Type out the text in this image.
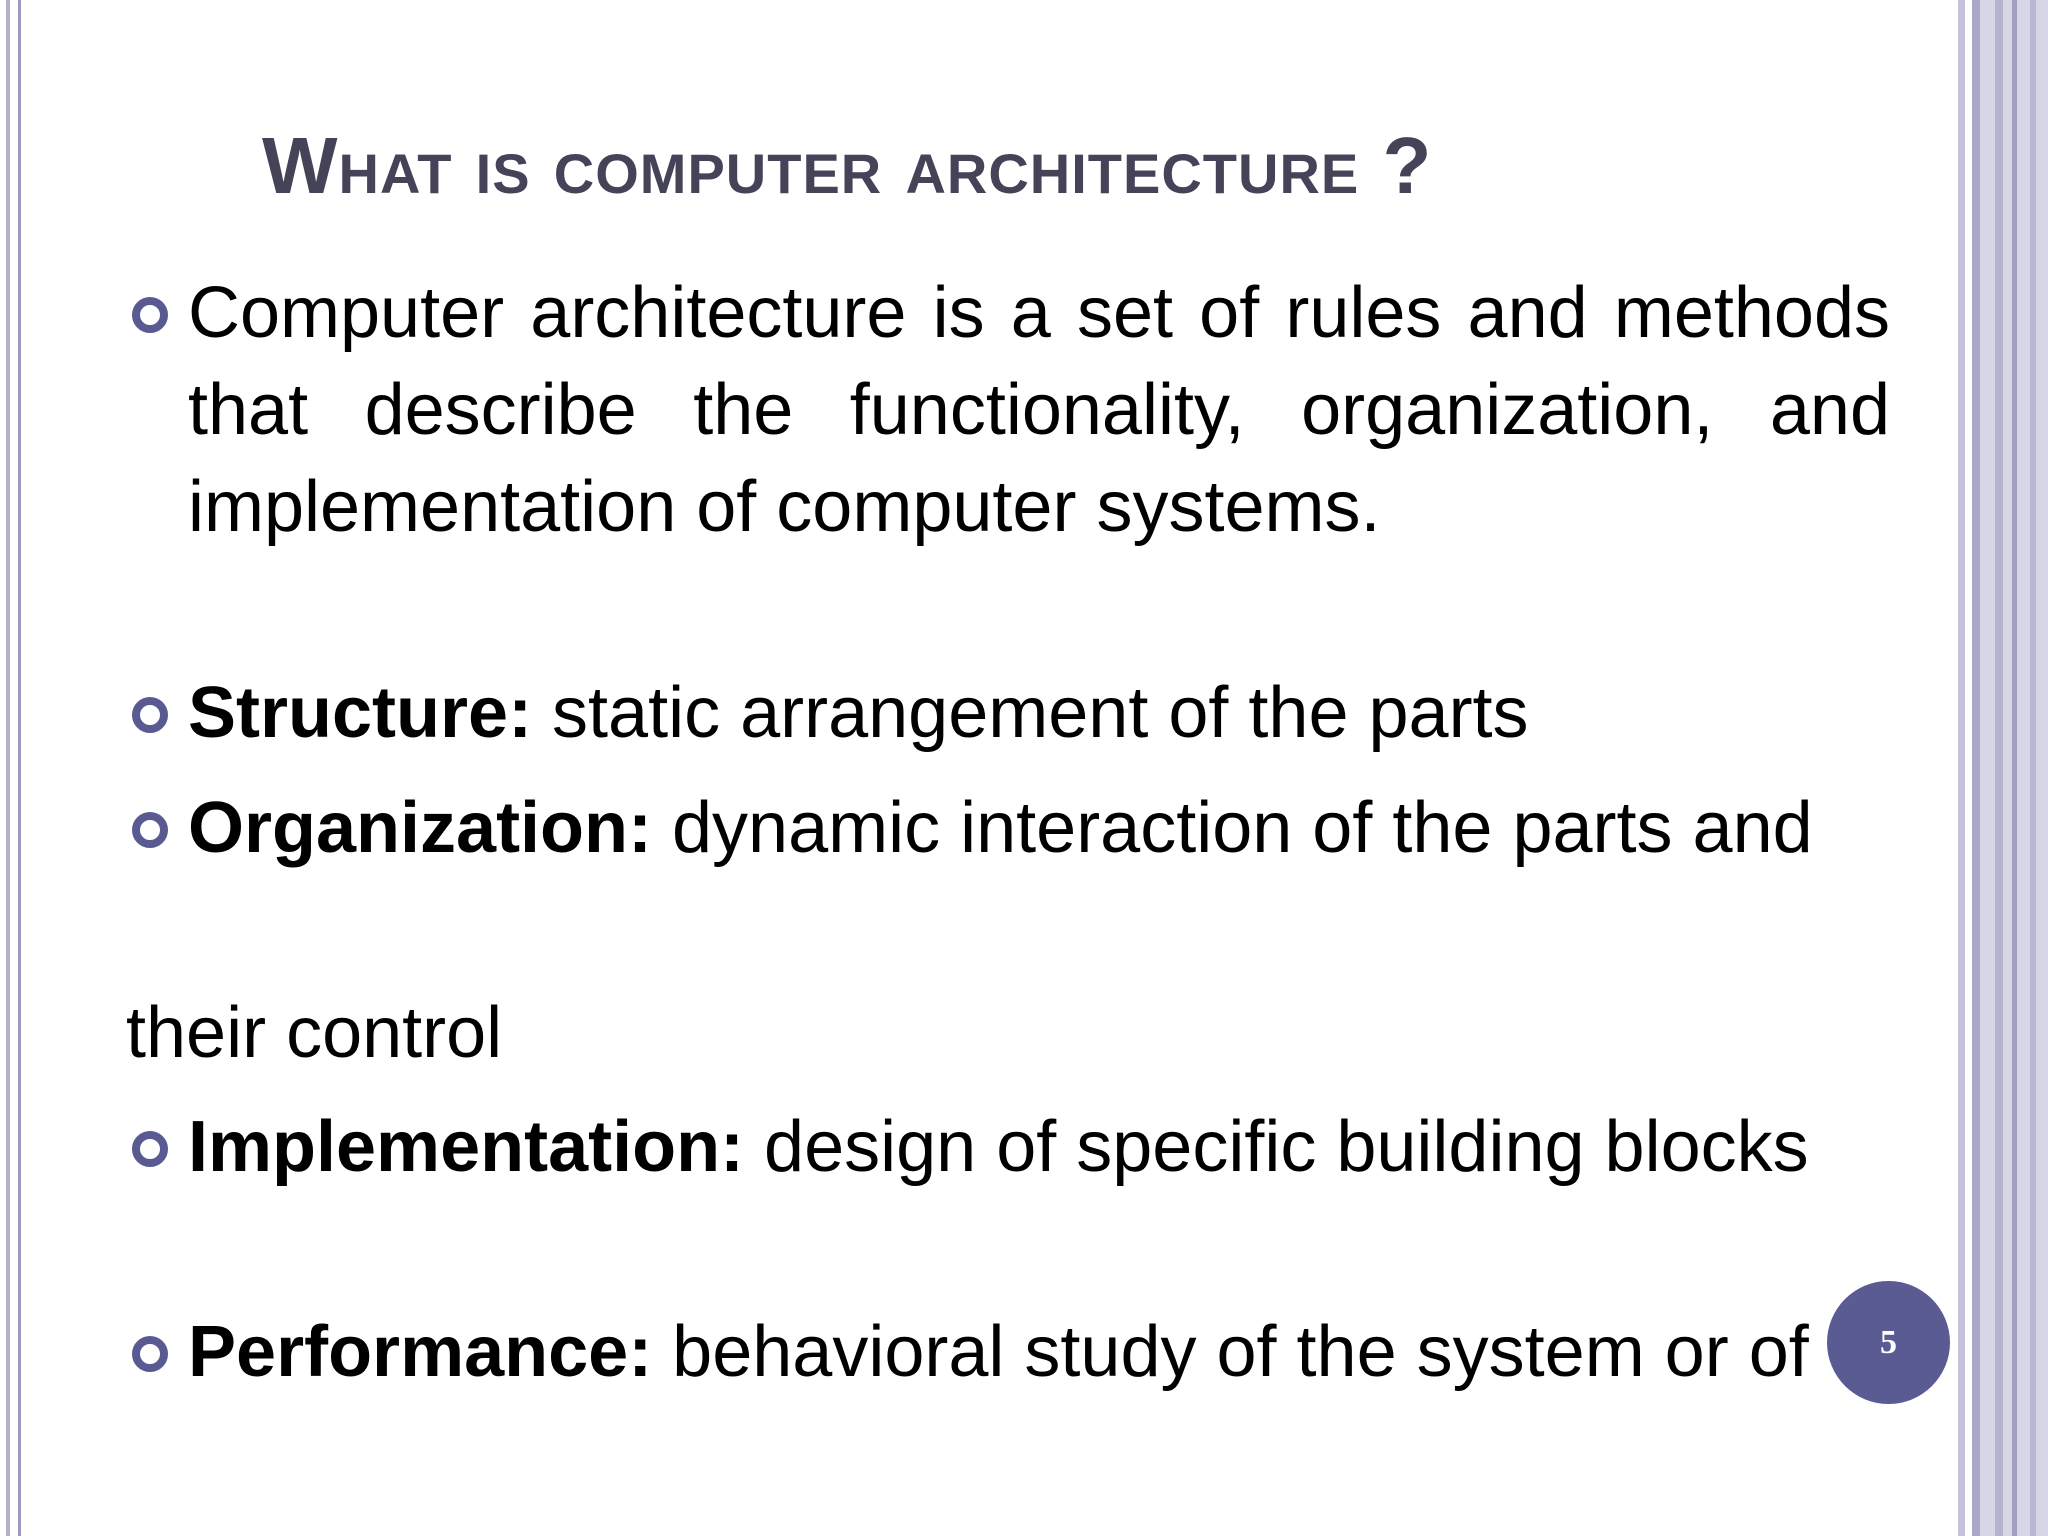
What is computer architecture ?
Computer architecture is a set of rules and methods that describe the functionality, organization, and implementation of computer systems.
Structure: static arrangement of the parts
Organization: dynamic interaction of the parts and
their control
Implementation: design of specific building blocks
Performance: behavioral study of the system or of	5
